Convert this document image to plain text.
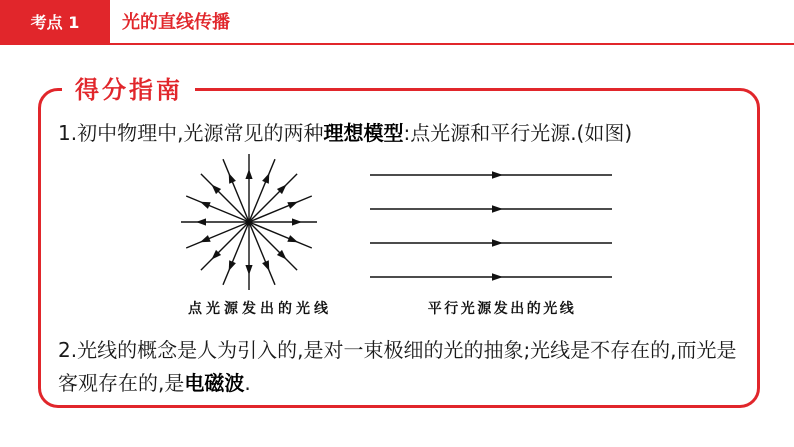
考点 1	光的直线传播
得分指南

1.初中物理中,光源常见的两种理想模型:点光源和平行光源.(如图)

点光源发出的光线	平行光源发出的光线

2.光线的概念是人为引入的,是对一束极细的光的抽象;光线是不存在的,而光是客观存在的,是电磁波.
